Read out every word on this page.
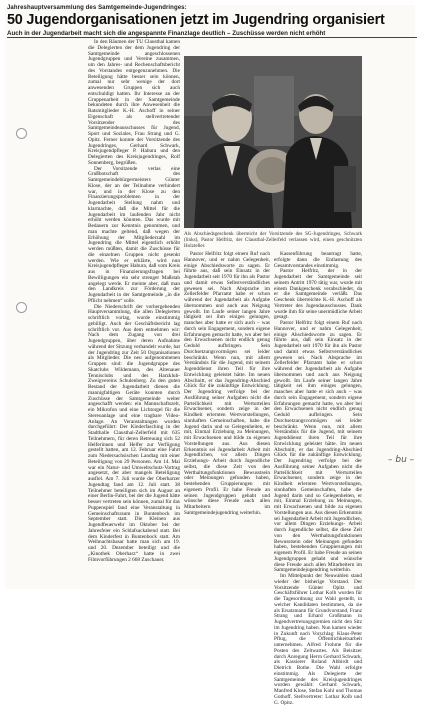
Jahreshauptversammlung des Samtgemeinde-Jugendringes:
50 Jugendorganisationen jetzt im Jugendring organisiert
Auch in der Jugendarbeit macht sich die angespannte Finanzlage deutlich – Zuschüsse werden nicht erhöht

In den Räumen der TU Clausthal kamen die Delegierten der dem Jugendring der Samtgemeinde angeschlossenen Jugendgruppen und Vereine zusammen, um den Jahres- und Rechenschaftsbericht des Vorstandes entgegenzunehmen. Die Beteiligung hätte besser sein können, zumal nur sehr wenige der dort anwesenden Gruppen sich auch entschuldigt hatten. Ihr Interesse an der Gruppenarbeit in der Samtgemeinde bekundeten durch ihre Anwesenheit die Ratsmitglieder K.-H. Aschoff in seiner Eigenschaft als stellvertretender Vorsitzender des Samtgemeindeausschusses für Jugend, Sport und Soziales, Frau Strang und G. Opitz. Ferner konnte der Vorsitzende des Jugendringes, Gerhard Schwark, Kreisjugendpfleger P. Habura und den Delegierten des Kreisjugendringes, Rolf Sonnenberg, begrüßen.

Der Vorsitzende verlas eine Grußbotschaft des Samtgemeindebürgermeisters Günter Klose, der an der Teilnahme verhindert war, und in der Klose zu den Finanzierungsproblemen in der Jugendarbeit Stellung nahm und klarmachte, daß die Mittel für die Jugendarbeit im laufenden Jahr nicht erhöht werden könnten. Das wurde mit Bedauern zur Kenntnis genommen, und man machte geltend, daß wegen der Erhöhung der Mitgliederzahl im Jugendring die Mittel eigentlich erhöht werden müßten, damit die Zuschüsse für die einzelnen Gruppen nicht gesenkt werden. Wie er erklärte, wird nun Kreisjugendpfleger Habura, daß vom Kreis aus in Finanzierungsfragen bei Bewilligungen ein sehr strenger Maßstab angelegt werde. Er meinte aber, daß man den Landkreis zur Förderung der Jugendarbeit in der Samtgemeinde „in die Pflicht nehmen“ solle.

Die Niederschrift der vorhergehenden Hauptversammlung, die allen Delegierten schriftlich vorlag, wurde einstimmig gebilligt. Auch der Geschäftsbericht lag schriftlich vor. Aus dem entnehmen wir: Nach dem Zugang von drei Jugendgruppen, über deren Aufnahme während der Sitzung verhandelt wurde, hat der Jugendring zur Zeit 50 Organisationen als Mitglieder. Die neu aufgenommenen Gruppen sind: die Jugendgruppe des Skatclubs Wildemann, des Altenauer Tennisclubs und des Harzklub-Zweigvereins Schulenberg. Zu den guten Bestand der Jugendarbeit dienen die mannigfaltigen Geräte konnten durch Zuschüsse der Samtgemeinde weiter angeschafft werden: ein Mannschaftszelt, ein Mikrofon und eine Lichtorgel für die Stereoanlage und eine tragbare Video-Anlage. An Veranstaltungen wurden durchgeführt: Der Kinderfasching in der Stadthalle Clausthal-Zellerfeld mit 635 Teilnehmern, für deren Betreuung sich 52 Helferinnen und Helfer zur Verfügung gestellt hatten, am 12. Februar eine Fahrt zum Niedersachsischen Landtag mit einer Beteiligung von 29 Personen. Am 14. Mai war ein Natur- und Umweltschutz-Vortrag angesetzt, der aber mangels Beteiligung ausfiel. Am 7. Juli wurde der Oberharzer Jugendtag fand am 12. Juli statt. 38 Teilnehmer beteiligten sich im August an einer Berlin-Fahrt, bei der die Jugend hätte besser vertreten sein können, zumal für das Puppenspiel fand eine Veranstaltung in Gemeinschaftsraum in Buntenbock im September statt. Die Kleinen aus Jugendfeuerwehr im Oktober bei der Jahresfeier ein Schlafsackabend statt. Bei dem Kinderfest in Buntenbock statt. Am Weihnachtsbasar hatte man sich am 19. und 20. Dezember beteiligt und die „Kinothek Oberharz“ hatte in zwei Filmvorführungen 2 668 Zuschauer.

Als Abschiedsgeschenk überreicht der Vorsitzende des SG-Jugendringes, Schwark (links), Pastor Helfritz, der Clausthal-Zellerfeld verlassen wird, einen geschnitzten Holzteller.

Kassenführung beantragt hatte, erfolgte dann die Entlastung des Gesamtvorstandes einstimmig.

Pastor Helfritz, der in der Jugendarbeit der Samtgemeinde seit seinem Antritt 1970 tätig war, wurde mit einem Dankgeschenk verabschiedet, da er die Samtgemeinde verläßt. Das Geschenk überreichte K.-H. Aschoff als Vertreter des Jugendausschusses. Dank wurde ihm für seine unermüdliche Arbeit gesagt.

Pastor Helfritz folgt einem Ruf nach Hannover, und er nahm Gelegenheit, einige Abschiedsworte zu sagen. Er führte aus, daß sein Einsatz in der Jugendarbeit seit 1970 für ihn als Pastor und damit etwas Selbstverständliches gewesen sei. Nach Absprache im Zellerfelder Pfarramt habe er schon während der Jugendarbeit als Aufgabe übernommen und auch aus Neigung gewollt. Im Laufe seiner langen Jahre tätigkeit sei ihm einiges gelungen, manches aber hatte er sich auch – was durch sein Engagement, sondern eigene Erfahrungen gemacht hatte, wo aber bei den Erwachsenen nicht endlich genug Geduld aufbringen. Sein Durchsetzungsvormögen sei leider beschränkt. Wenn nun, mit allem Verständnis für die Jugend, mit seinem Jugenddienst ihren Teil für ihre Entwicklung geleistet hätte. Im neuen Abschnitt, er das Jugendring-Abschied Glück für die zukünftige Entwicklung. Der Jugendring verfolge bei der Ausführung seiner Aufgaben nicht die Parteilichkeit mit Werturteilen Erwachsener, sondern zeige in der Kindheit erlernten Wertvorstellungen, sinnhaften Gemeinschaften, habe die Jugend darin und so Gelegenheiten, er mit, Einmal Erziehung zu Meinungen, mit Erwachsenen und bilde zu eigenen Vorstellungen aus. Aus diesen Erkenntnis sei Jugendarbeit Arbeit mit Jugendlichen, vor allem Dingen Erziehungs- Arbeit durch Jugendliche selbst, die diese Zeit von den Werthaltungsfunktionen Bewusstsein oder Meinungen gefunden haben, bestehenden Gruppierungen mit eigenem Profil. Er habe Freude an seinen Jugendgruppen gehabt und wünsche diese Freude auch allen Mitarbeitern im Samtgemeindejugendring weiterhin.

Im Mittelpunkt der Neuwahlen stand wieder der bisherige Vorstand. Der Vorsitzende Günter Opitz und Geschäftsführer Lothar Kolb wurden für die Tagesordnung zur Wahl gestellt, in welcher Kandidaten bestimmen, da sie als Ersatzmann für Grundvorstand, Franz Strang und Erhard Großmann in Jugendvertretungsgremien nicht den Sitz im Jugendring haben. Nun kamen wieder in Zukunft nach Vorschlag: Klaus-Peter Pflug, die Öffentlichkeitsarbeit unternehmen. Alfred Frohme für die Posten des Zeltwartes. Als Beisitzer durch Anregung Herrn Gerhard Schwark, als Kassierer Roland Abbirdt und Dietrich Bothe. Die Wahl erfolgte einstimmig. Als Delegierte der Samtgemeinde des Kreisjugendringes wurden gewählt: Gerhard Schwark, Manfred Klose, Stefan Kohl und Thomas Gothoff. Stellvertreter: Lothar Kolb und G. Opitz.

Pastor Helfritz folgt einem Ruf nach Hannover, und er nahm Gelegenheit, einige Abschiedsworte zu sagen. Er führte aus, daß sein Einsatz in der Jugendarbeit seit 1970 für ihn als Pastor und damit etwas Selbstverständliches gewesen sei. Nach Absprache im Zellerfelder Pfarramt habe er schon während der Jugendarbeit als Aufgabe übernommen und auch aus Neigung gewollt. Im Laufe seiner langen Jahre tätigkeit sei ihm einiges gelungen, manches aber hatte er sich auch – was durch sein Engagement, sondern eigene Erfahrungen gemacht hatte, wo aber bei den Erwachsenen nicht endlich genug Geduld aufbringen. Sein Durchsetzungsvormögen sei leider beschränkt. Wenn nun, mit allem Verständnis für die Jugend, mit seinem Jugenddienst ihren Teil für ihre Entwicklung geleistet hätte. Im neuen Abschnitt, er das Jugendring-Abschied Glück für die zukünftige Entwicklung. Der Jugendring verfolge bei der Ausführung seiner Aufgaben nicht die Parteilichkeit mit Werturteilen Erwachsener, sondern zeige in der Kindheit erlernten Wertvorstellungen, sinnhaften Gemeinschaften, habe die Jugend darin und so Gelegenheiten, er mit, Einmal Erziehung zu Meinungen, mit Erwachsenen und bilde zu eigenen Vorstellungen aus. Aus diesen Erkenntnis sei Jugendarbeit Arbeit mit Jugendlichen, vor allem Dingen Erziehungs- Arbeit durch Jugendliche selbst, die diese Zeit von den Werthaltungsfunktionen Bewusstsein oder Meinungen gefunden haben, bestehenden Gruppierungen mit eigenem Profil. Er habe Freude an seinen Jugendgruppen gehabt und wünsche diese Freude auch allen Mitarbeitern im Samtgemeindejugendring weiterhin.

– bu –
